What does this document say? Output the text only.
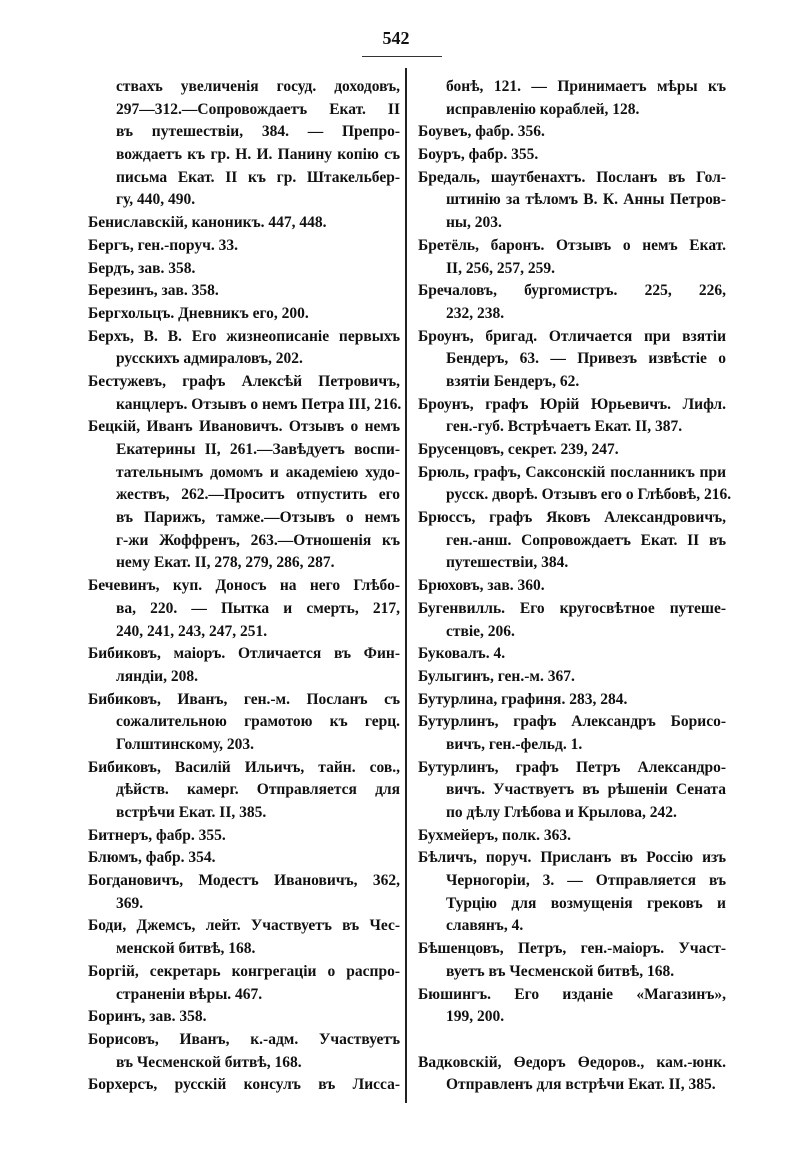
542
ствахъ увеличенія госуд. доходовъ,
297—312.—Сопровождаетъ Екат. II
въ путешествіи, 384. — Препро-
вождаетъ къ гр. Н. И. Панину копію съ
письма Екат. II къ гр. Штакельбер-
гу, 440, 490.
Бениславскій, каноникъ. 447, 448.
Бергъ, ген.-поруч. 33.
Бердъ, зав. 358.
Березинъ, зав. 358.
Бергхольцъ. Дневникъ его, 200.
Берхъ, В. В. Его жизнеописаніе первыхъ
русскихъ адмираловъ, 202.
Бестужевъ, графъ Алексѣй Петровичъ,
канцлеръ. Отзывъ о немъ Петра III, 216.
Бецкій, Иванъ Ивановичъ. Отзывъ о немъ
Екатерины II, 261.—Завѣдуетъ воспи-
тательнымъ домомъ и академіею худо-
жествъ, 262.—Проситъ отпустить его
въ Парижъ, тамже.—Отзывъ о немъ
г-жи Жоффренъ, 263.—Отношенія къ
нему Екат. II, 278, 279, 286, 287.
Бечевинъ, куп. Доносъ на него Глѣбо-
ва, 220. — Пытка и смерть, 217,
240, 241, 243, 247, 251.
Бибиковъ, маіоръ. Отличается въ Фин-
ляндіи, 208.
Бибиковъ, Иванъ, ген.-м. Посланъ съ
сожалительною грамотою къ герц.
Голштинскому, 203.
Бибиковъ, Василій Ильичъ, тайн. сов.,
дѣйств. камерг. Отправляется для
встрѣчи Екат. II, 385.
Битнеръ, фабр. 355.
Блюмъ, фабр. 354.
Богдановичъ, Модестъ Ивановичъ, 362,
369.
Боди, Джемсъ, лейт. Участвуетъ въ Чес-
менской битвѣ, 168.
Боргій, секретарь конгрегаціи о распро-
страненіи вѣры. 467.
Боринъ, зав. 358.
Борисовъ, Иванъ, к.-адм. Участвуетъ
въ Чесменской битвѣ, 168.
Борхерсъ, русскій консулъ въ Лисса-
бонѣ, 121. — Принимаетъ мѣры къ
исправленію кораблей, 128.
Боувеъ, фабр. 356.
Боуръ, фабр. 355.
Бредаль, шаутбенахтъ. Посланъ въ Гол-
штинію за тѣломъ В. К. Анны Петров-
ны, 203.
Бретёль, баронъ. Отзывъ о немъ Екат.
II, 256, 257, 259.
Бречаловъ, бургомистръ. 225, 226,
232, 238.
Броунъ, бригад. Отличается при взятіи
Бендеръ, 63. — Привезъ извѣстіе о
взятіи Бендеръ, 62.
Броунъ, графъ Юрій Юрьевичъ. Лифл.
ген.-губ. Встрѣчаетъ Екат. II, 387.
Брусенцовъ, секрет. 239, 247.
Брюль, графъ, Саксонскій посланникъ при
русск. дворѣ. Отзывъ его о Глѣбовѣ, 216.
Брюссъ, графъ Яковъ Александровичъ,
ген.-анш. Сопровождаетъ Екат. II въ
путешествіи, 384.
Брюховъ, зав. 360.
Бугенвилль. Его кругосвѣтное путеше-
ствіе, 206.
Буковалъ. 4.
Булыгинъ, ген.-м. 367.
Бутурлина, графиня. 283, 284.
Бутурлинъ, графъ Александръ Борисо-
вичъ, ген.-фельд. 1.
Бутурлинъ, графъ Петръ Александро-
вичъ. Участвуетъ въ рѣшеніи Сената
по дѣлу Глѣбова и Крылова, 242.
Бухмейеръ, полк. 363.
Бѣличъ, поруч. Присланъ въ Россію изъ
Черногоріи, 3. — Отправляется въ
Турцію для возмущенія грековъ и
славянъ, 4.
Бѣшенцовъ, Петръ, ген.-маіоръ. Участ-
вуетъ въ Чесменской битвѣ, 168.
Бюшингъ. Его изданіе «Магазинъ»,
199, 200.
Вадковскій, Өедоръ Өедоров., кам.-юнк.
Отправленъ для встрѣчи Екат. II, 385.
